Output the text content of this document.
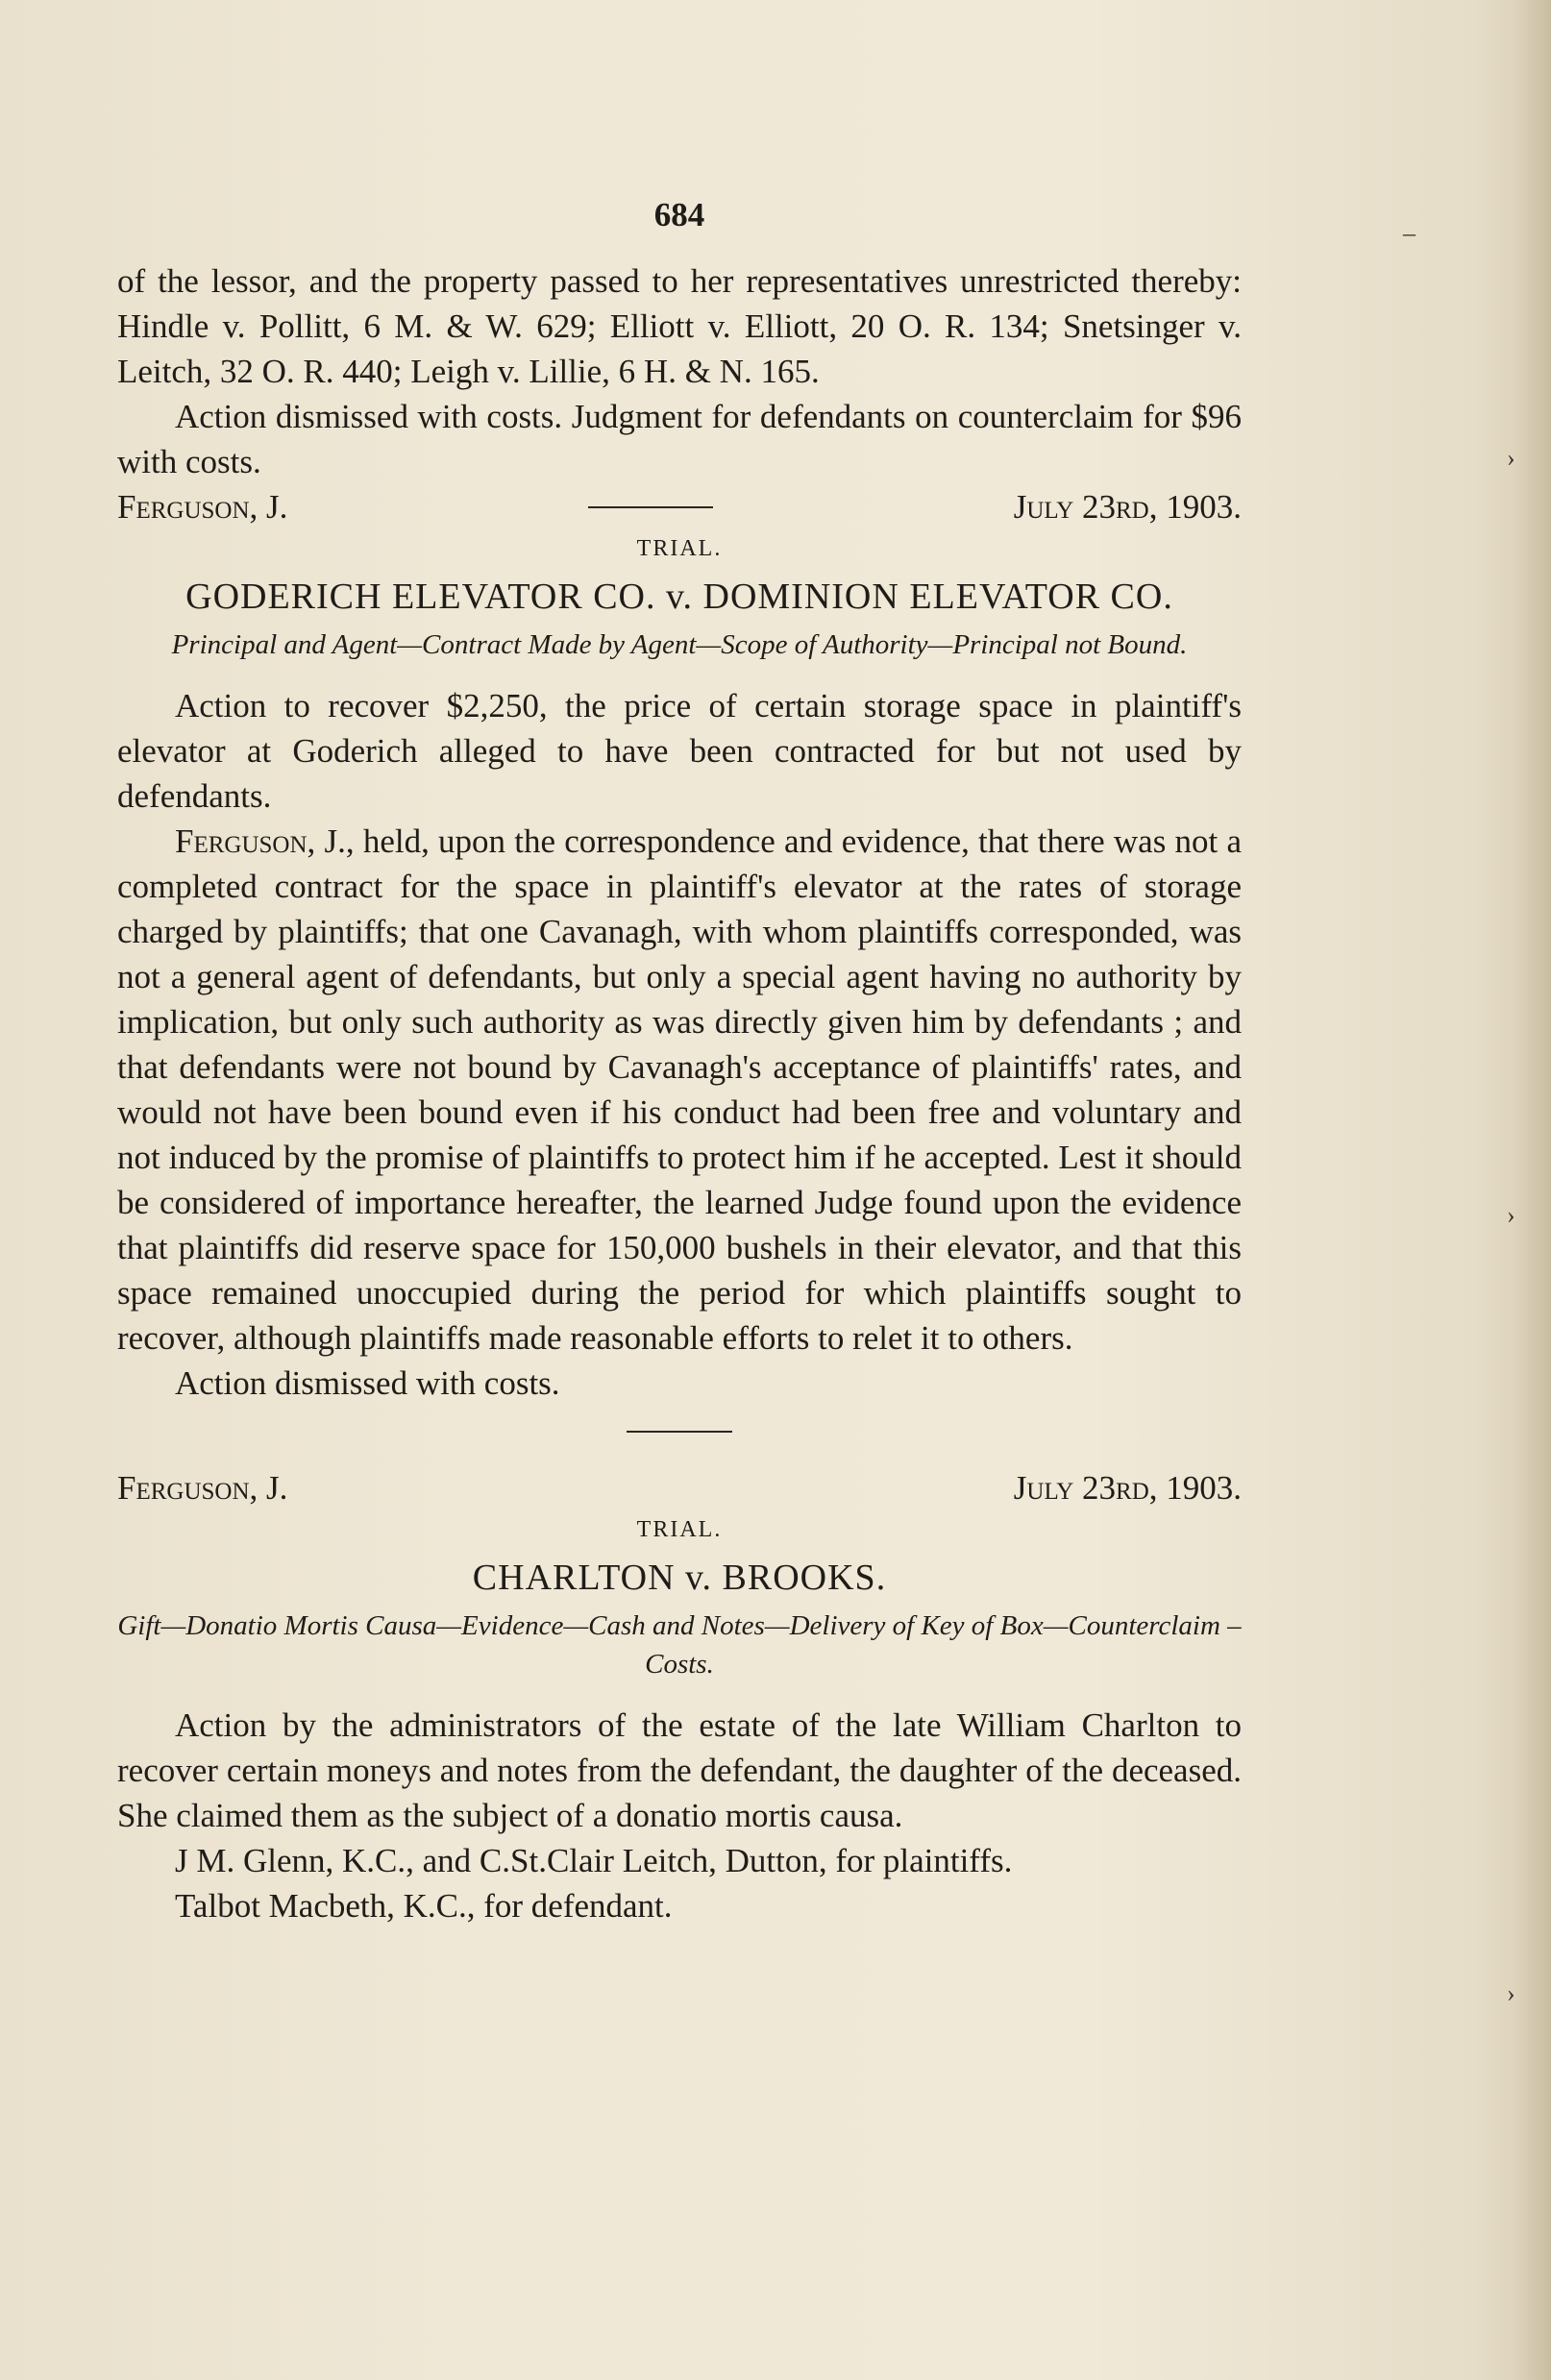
–
›
›
›
684

of the lessor, and the property passed to her representatives unrestricted thereby: Hindle v. Pollitt, 6 M. & W. 629; Elliott v. Elliott, 20 O. R. 134; Snetsinger v. Leitch, 32 O. R. 440; Leigh v. Lillie, 6 H. & N. 165.

Action dismissed with costs. Judgment for defendants on counterclaim for $96 with costs.

Ferguson, J.	July 23rd, 1903.
TRIAL.
GODERICH ELEVATOR CO. v. DOMINION ELEVATOR CO.
Principal and Agent—Contract Made by Agent—Scope of Authority—Principal not Bound.

Action to recover $2,250, the price of certain storage space in plaintiff's elevator at Goderich alleged to have been contracted for but not used by defendants.

Ferguson, J., held, upon the correspondence and evidence, that there was not a completed contract for the space in plaintiff's elevator at the rates of storage charged by plaintiffs; that one Cavanagh, with whom plaintiffs corresponded, was not a general agent of defendants, but only a special agent having no authority by implication, but only such authority as was directly given him by defendants ; and that defendants were not bound by Cavanagh's acceptance of plaintiffs' rates, and would not have been bound even if his conduct had been free and voluntary and not induced by the promise of plaintiffs to protect him if he accepted. Lest it should be considered of importance hereafter, the learned Judge found upon the evidence that plaintiffs did reserve space for 150,000 bushels in their elevator, and that this space remained unoccupied during the period for which plaintiffs sought to recover, although plaintiffs made reasonable efforts to relet it to others.

Action dismissed with costs.

Ferguson, J.	July 23rd, 1903.
TRIAL.
CHARLTON v. BROOKS.
Gift—Donatio Mortis Causa—Evidence—Cash and Notes—Delivery of Key of Box—Counterclaim – Costs.

Action by the administrators of the estate of the late William Charlton to recover certain moneys and notes from the defendant, the daughter of the deceased. She claimed them as the subject of a donatio mortis causa.

J M. Glenn, K.C., and C.St.Clair Leitch, Dutton, for plaintiffs.

Talbot Macbeth, K.C., for defendant.
